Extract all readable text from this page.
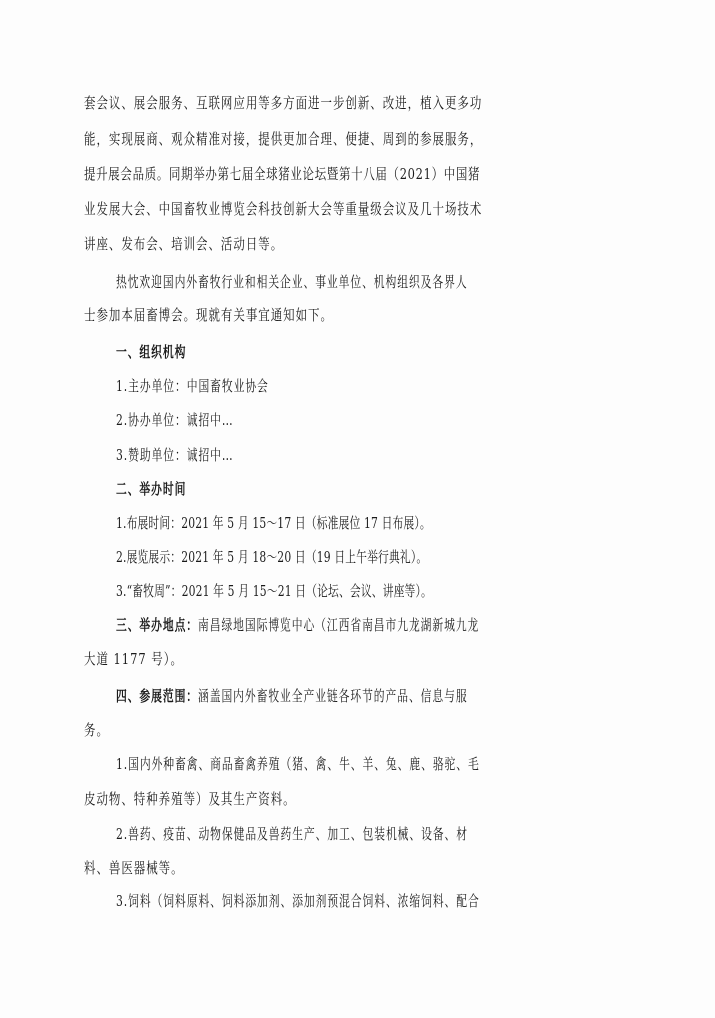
套会议、展会服务、互联网应用等多方面进一步创新、改进，植入更多功
能，实现展商、观众精准对接，提供更加合理、便捷、周到的参展服务，
提升展会品质。同期举办第七届全球猪业论坛暨第十八届（2021）中国猪
业发展大会、中国畜牧业博览会科技创新大会等重量级会议及几十场技术
讲座、发布会、培训会、活动日等。
热忱欢迎国内外畜牧行业和相关企业、事业单位、机构组织及各界人
士参加本届畜博会。现就有关事宜通知如下。
一、组织机构
1.主办单位：中国畜牧业协会
2.协办单位：诚招中…
3.赞助单位：诚招中…
二、举办时间
1.布展时间：2021 年 5 月 15～17 日（标准展位 17 日布展）。
2.展览展示：2021 年 5 月 18～20 日（19 日上午举行典礼）。
3.“畜牧周”：2021 年 5 月 15～21 日（论坛、会议、讲座等）。
三、举办地点：南昌绿地国际博览中心（江西省南昌市九龙湖新城九龙
大道 1177 号）。
四、参展范围：涵盖国内外畜牧业全产业链各环节的产品、信息与服
务。
1.国内外种畜禽、商品畜禽养殖（猪、禽、牛、羊、兔、鹿、骆驼、毛
皮动物、特种养殖等）及其生产资料。
2.兽药、疫苗、动物保健品及兽药生产、加工、包装机械、设备、材
料、兽医器械等。
3.饲料（饲料原料、饲料添加剂、添加剂预混合饲料、浓缩饲料、配合
